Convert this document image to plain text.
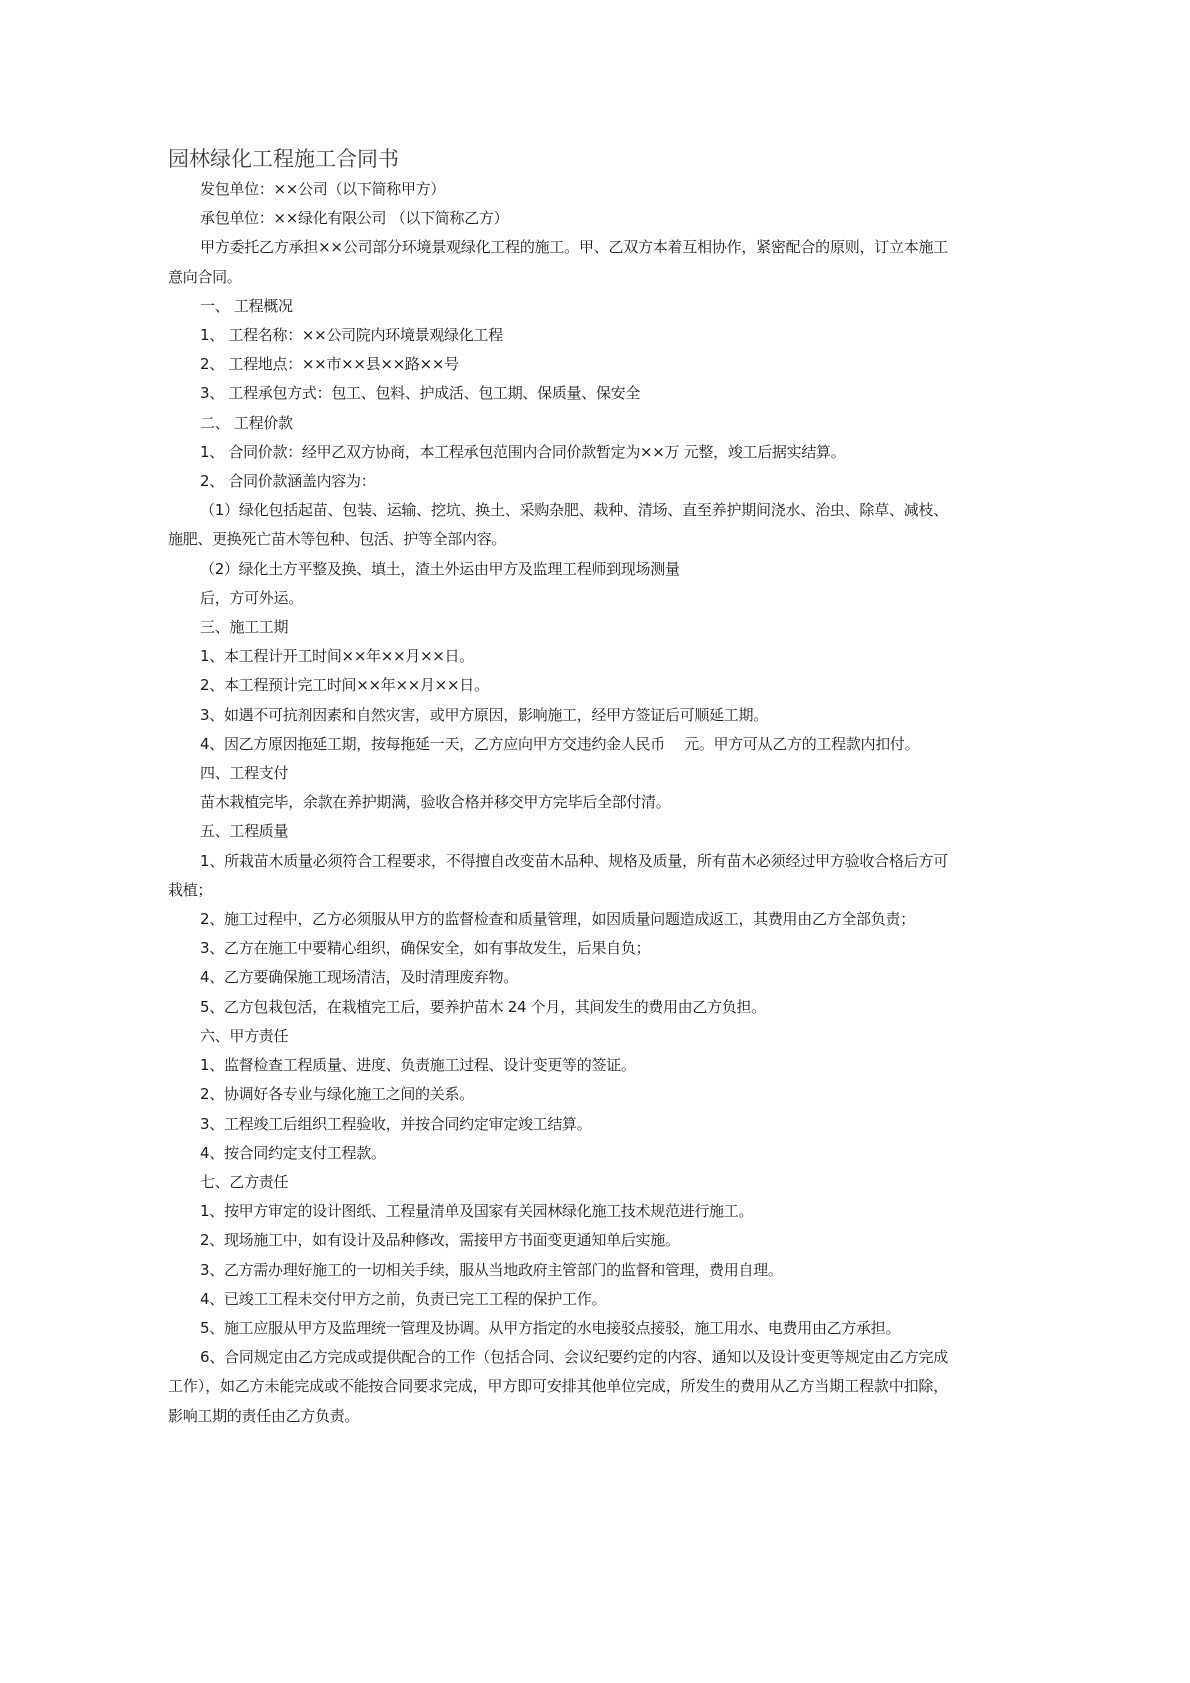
园林绿化工程施工合同书

发包单位：××公司（以下简称甲方）

承包单位：××绿化有限公司 （以下简称乙方）

甲方委托乙方承担××公司部分环境景观绿化工程的施工。甲、乙双方本着互相协作，紧密配合的原则，订立本施工意向合同。

一、 工程概况

1、 工程名称：××公司院内环境景观绿化工程

2、 工程地点：××市××县××路××号

3、 工程承包方式：包工、包料、护成活、包工期、保质量、保安全

二、 工程价款

1、 合同价款：经甲乙双方协商，本工程承包范围内合同价款暂定为××万 元整，竣工后据实结算。

2、 合同价款涵盖内容为：

（1）绿化包括起苗、包装、运输、挖坑、换土、采购杂肥、栽种、清场、直至养护期间浇水、治虫、除草、减枝、施肥、更换死亡苗木等包种、包活、护等全部内容。

（2）绿化土方平整及换、填土，渣土外运由甲方及监理工程师到现场测量

后，方可外运。

三、施工工期

1、本工程计开工时间××年××月××日。

2、本工程预计完工时间××年××月××日。

3、如遇不可抗剂因素和自然灾害，或甲方原因，影响施工，经甲方签证后可顺延工期。

4、因乙方原因拖延工期，按每拖延一天，乙方应向甲方交违约金人民币　 元。甲方可从乙方的工程款内扣付。

四、工程支付

苗木栽植完毕，余款在养护期满，验收合格并移交甲方完毕后全部付清。

五、工程质量

1、所栽苗木质量必须符合工程要求，不得擅自改变苗木品种、规格及质量，所有苗木必须经过甲方验收合格后方可栽植；

2、施工过程中，乙方必须服从甲方的监督检查和质量管理，如因质量问题造成返工，其费用由乙方全部负责；

3、乙方在施工中要精心组织，确保安全，如有事故发生，后果自负；

4、乙方要确保施工现场清洁，及时清理废弃物。

5、乙方包栽包活，在栽植完工后，要养护苗木 24 个月，其间发生的费用由乙方负担。

六、甲方责任

1、监督检查工程质量、进度、负责施工过程、设计变更等的签证。

2、协调好各专业与绿化施工之间的关系。

3、工程竣工后组织工程验收，并按合同约定审定竣工结算。

4、按合同约定支付工程款。

七、乙方责任

1、按甲方审定的设计图纸、工程量清单及国家有关园林绿化施工技术规范进行施工。

2、现场施工中，如有设计及品种修改，需接甲方书面变更通知单后实施。

3、乙方需办理好施工的一切相关手续，服从当地政府主管部门的监督和管理，费用自理。

4、已竣工工程未交付甲方之前，负责已完工工程的保护工作。

5、施工应服从甲方及监理统一管理及协调。从甲方指定的水电接驳点接驳，施工用水、电费用由乙方承担。

6、合同规定由乙方完成或提供配合的工作（包括合同、会议纪要约定的内容、通知以及设计变更等规定由乙方完成工作），如乙方未能完成或不能按合同要求完成，甲方即可安排其他单位完成，所发生的费用从乙方当期工程款中扣除，影响工期的责任由乙方负责。
